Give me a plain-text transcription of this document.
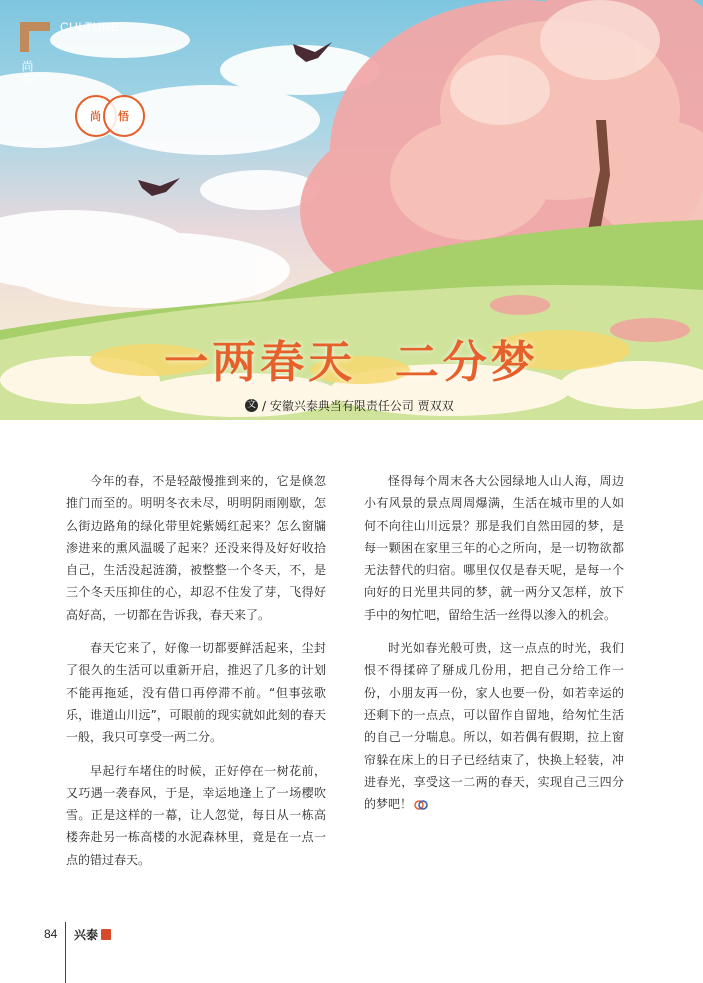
CULTURE
尚品
尚 悟
一两春天  二分梦
文 / 安徽兴泰典当有限责任公司 贾双双

今年的春，不是轻敲慢推到来的，它是倏忽推门而至的。明明冬衣未尽，明明阴雨刚歇，怎么街边路角的绿化带里姹紫嫣红起来？怎么窗牖渗进来的熏风温暖了起来？还没来得及好好收拾自己，生活没起涟漪，被整整一个冬天，不，是三个冬天压抑住的心，却忍不住发了芽，飞得好高好高，一切都在告诉我，春天来了。

春天它来了，好像一切都要鲜活起来，尘封了很久的生活可以重新开启，推迟了几多的计划不能再拖延，没有借口再停滞不前。“但事弦歌乐，谁道山川远”，可眼前的现实就如此刻的春天一般，我只可享受一两二分。

早起行车堵住的时候，正好停在一树花前，又巧遇一袭春风，于是，幸运地逢上了一场樱吹雪。正是这样的一幕，让人忽觉，每日从一栋高楼奔赴另一栋高楼的水泥森林里，竟是在一点一点的错过春天。

怪得每个周末各大公园绿地人山人海，周边小有风景的景点周周爆满，生活在城市里的人如何不向往山川远景？那是我们自然田园的梦，是每一颗困在家里三年的心之所向，是一切物欲都无法替代的归宿。哪里仅仅是春天呢，是每一个向好的日光里共同的梦，就一两分又怎样，放下手中的匆忙吧，留给生活一丝得以渗入的机会。

时光如春光般可贵，这一点点的时光，我们恨不得揉碎了掰成几份用，把自己分给工作一份，小朋友再一份，家人也要一份，如若幸运的还剩下的一点点，可以留作自留地，给匆忙生活的自己一分喘息。所以，如若偶有假期，拉上窗帘躲在床上的日子已经结束了，快换上轻装，冲进春光，享受这一二两的春天，实现自己三四分的梦吧！

84 兴泰
